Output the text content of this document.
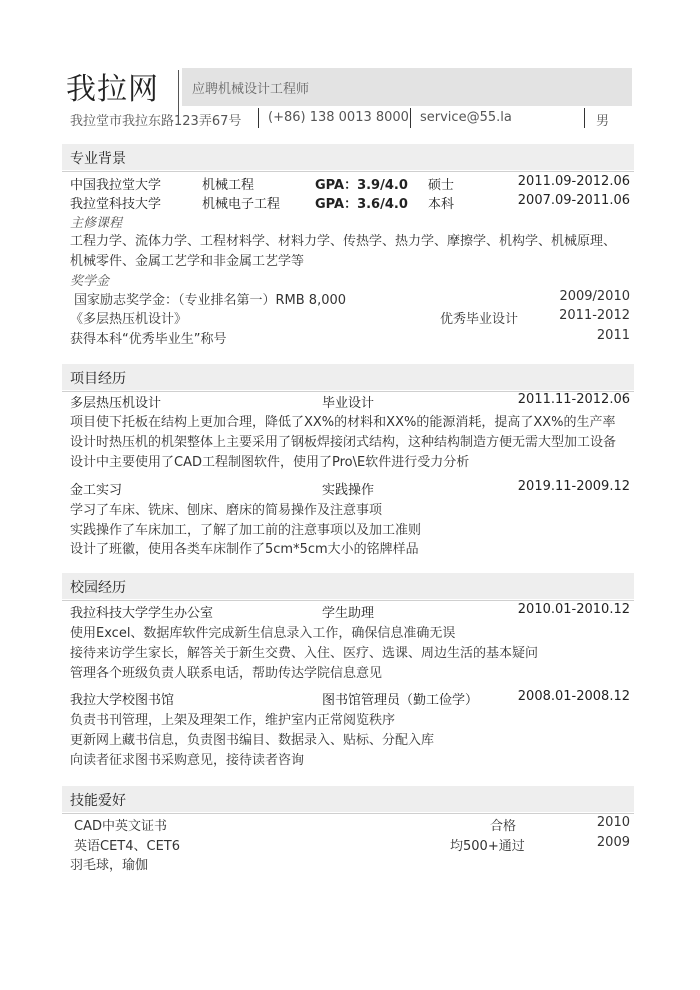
我拉网	应聘机械设计工程师
我拉堂市我拉东路123弄67号 (+86) 138 0013 8000 service@55.la	男
专业背景
中国我拉堂大学	机械工程	GPA：3.9/4.0 硕士	2011.09-2012.06
我拉堂科技大学	机械电子工程	GPA：3.6/4.0 本科	2007.09-2011.06
主修课程
工程力学、流体力学、工程材料学、材料力学、传热学、热力学、摩擦学、机构学、机械原理、机械零件、金属工艺学和非金属工艺学等
奖学金
国家励志奖学金：（专业排名第一）RMB 8,000	2009/2010
《多层热压机设计》	优秀毕业设计	2011-2012
获得本科“优秀毕业生”称号	2011
项目经历
多层热压机设计	毕业设计	2011.11-2012.06
项目使下托板在结构上更加合理，降低了XX%的材料和XX%的能源消耗，提高了XX%的生产率
设计时热压机的机架整体上主要采用了钢板焊接闭式结构，这种结构制造方便无需大型加工设备
设计中主要使用了CAD工程制图软件，使用了Pro\E软件进行受力分析
金工实习	实践操作	2019.11-2009.12
学习了车床、铣床、刨床、磨床的简易操作及注意事项
实践操作了车床加工，了解了加工前的注意事项以及加工准则
设计了班徽，使用各类车床制作了5cm*5cm大小的铭牌样品
校园经历
我拉科技大学学生办公室	学生助理	2010.01-2010.12
使用Excel、数据库软件完成新生信息录入工作，确保信息准确无误
接待来访学生家长，解答关于新生交费、入住、医疗、选课、周边生活的基本疑问
管理各个班级负责人联系电话，帮助传达学院信息意见
我拉大学校图书馆	图书馆管理员（勤工俭学）	2008.01-2008.12
负责书刊管理，上架及理架工作，维护室内正常阅览秩序
更新网上藏书信息，负责图书编目、数据录入、贴标、分配入库
向读者征求图书采购意见，接待读者咨询
技能爱好
CAD中英文证书	合格	2010
英语CET4、CET6	均500+通过	2009
羽毛球，瑜伽
